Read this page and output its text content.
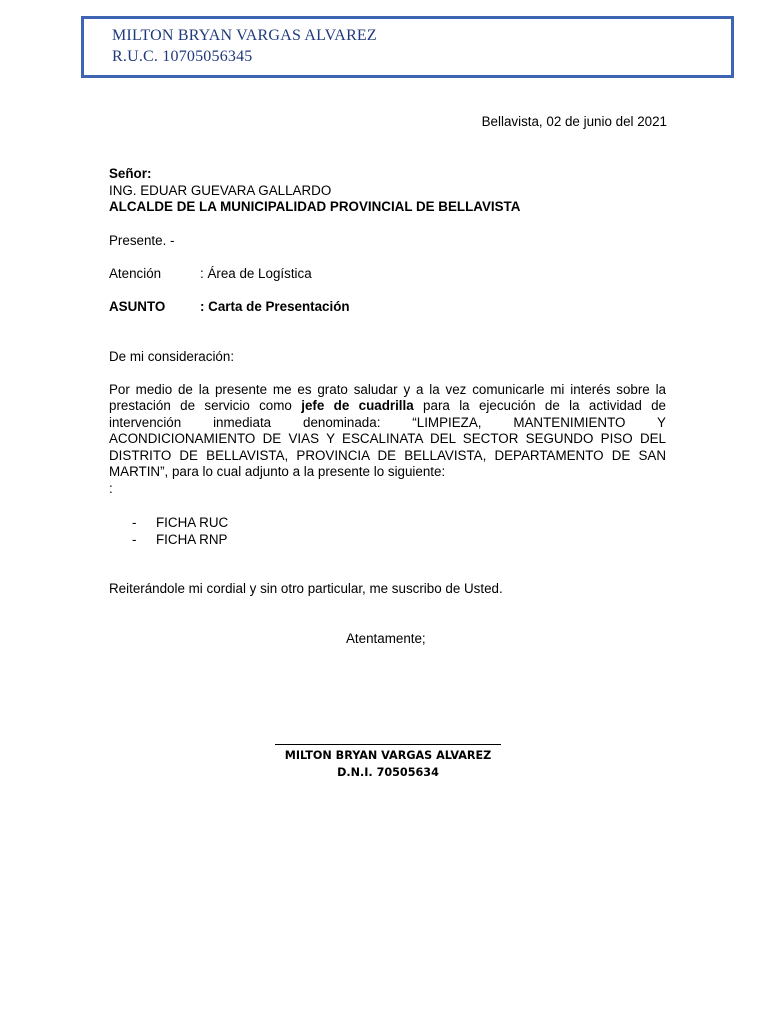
MILTON BRYAN VARGAS ALVAREZ
R.U.C. 10705056345
Bellavista, 02 de junio del 2021
Señor:
ING. EDUAR GUEVARA GALLARDO
ALCALDE DE LA MUNICIPALIDAD PROVINCIAL DE BELLAVISTA
Presente. -
Atención	: Área de Logística
ASUNTO	: Carta de Presentación
De mi consideración:
Por medio de la presente me es grato saludar y a la vez comunicarle mi interés sobre la prestación de servicio como jefe de cuadrilla para la ejecución de la actividad de intervención inmediata denominada: “LIMPIEZA, MANTENIMIENTO Y ACONDICIONAMIENTO DE VIAS Y ESCALINATA DEL SECTOR SEGUNDO PISO DEL DISTRITO DE BELLAVISTA, PROVINCIA DE BELLAVISTA, DEPARTAMENTO DE SAN MARTIN”, para lo cual adjunto a la presente lo siguiente:
:
- FICHA RUC
- FICHA RNP
Reiterándole mi cordial y sin otro particular, me suscribo de Usted.
Atentamente;
MILTON BRYAN VARGAS ALVAREZ
D.N.I. 70505634
